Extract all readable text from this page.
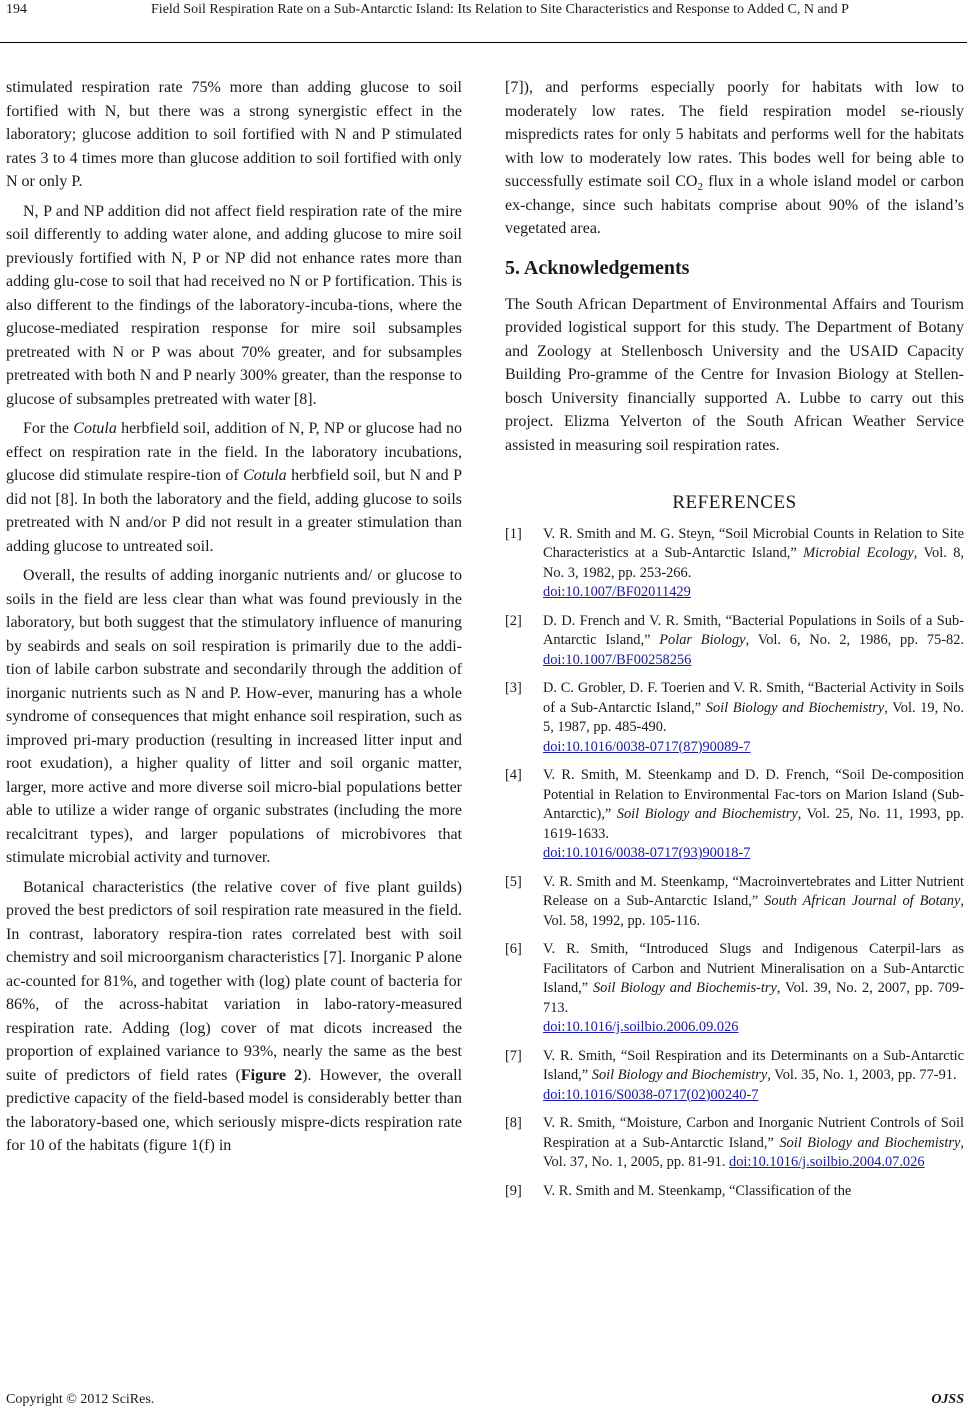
194	Field Soil Respiration Rate on a Sub-Antarctic Island: Its Relation to Site Characteristics and Response to Added C, N and P

stimulated respiration rate 75% more than adding glucose to soil fortified with N, but there was a strong synergistic effect in the laboratory; glucose addition to soil fortified with N and P stimulated rates 3 to 4 times more than glucose addition to soil fortified with only N or only P.

N, P and NP addition did not affect field respiration rate of the mire soil differently to adding water alone, and adding glucose to mire soil previously fortified with N, P or NP did not enhance rates more than adding glu-cose to soil that had received no N or P fortification. This is also different to the findings of the laboratory-incuba-tions, where the glucose-mediated respiration response for mire soil subsamples pretreated with N or P was about 70% greater, and for subsamples pretreated with both N and P nearly 300% greater, than the response to glucose of subsamples pretreated with water [8].

For the Cotula herbfield soil, addition of N, P, NP or glucose had no effect on respiration rate in the field. In the laboratory incubations, glucose did stimulate respire-tion of Cotula herbfield soil, but N and P did not [8]. In both the laboratory and the field, adding glucose to soils pretreated with N and/or P did not result in a greater stimulation than adding glucose to untreated soil.

Overall, the results of adding inorganic nutrients and/ or glucose to soils in the field are less clear than what was found previously in the laboratory, but both suggest that the stimulatory influence of manuring by seabirds and seals on soil respiration is primarily due to the addi-tion of labile carbon substrate and secondarily through the addition of inorganic nutrients such as N and P. How-ever, manuring has a whole syndrome of consequences that might enhance soil respiration, such as improved pri-mary production (resulting in increased litter input and root exudation), a higher quality of litter and soil organic matter, larger, more active and more diverse soil micro-bial populations better able to utilize a wider range of organic substrates (including the more recalcitrant types), and larger populations of microbivores that stimulate microbial activity and turnover.

Botanical characteristics (the relative cover of five plant guilds) proved the best predictors of soil respiration rate measured in the field. In contrast, laboratory respira-tion rates correlated best with soil chemistry and soil microorganism characteristics [7]. Inorganic P alone ac-counted for 81%, and together with (log) plate count of bacteria for 86%, of the across-habitat variation in labo-ratory-measured respiration rate. Adding (log) cover of mat dicots increased the proportion of explained variance to 93%, nearly the same as the best suite of predictors of field rates (Figure 2). However, the overall predictive capacity of the field-based model is considerably better than the laboratory-based one, which seriously mispre-dicts respiration rate for 10 of the habitats (figure 1(f) in

[7]), and performs especially poorly for habitats with low to moderately low rates. The field respiration model se-riously mispredicts rates for only 5 habitats and performs well for the habitats with low to moderately low rates. This bodes well for being able to successfully estimate soil $CO_2$ flux in a whole island model or carbon ex-change, since such habitats comprise about 90% of the island’s vegetated area.

5. Acknowledgements

The South African Department of Environmental Affairs and Tourism provided logistical support for this study. The Department of Botany and Zoology at Stellenbosch University and the USAID Capacity Building Pro-gramme of the Centre for Invasion Biology at Stellen-bosch University financially supported A. Lubbe to carry out this project. Elizma Yelverton of the South African Weather Service assisted in measuring soil respiration rates.

REFERENCES

[1]	V. R. Smith and M. G. Steyn, “Soil Microbial Counts in Relation to Site Characteristics at a Sub-Antarctic Island,” Microbial Ecology, Vol. 8, No. 3, 1982, pp. 253-266.
doi:10.1007/BF02011429
[2]	D. D. French and V. R. Smith, “Bacterial Populations in Soils of a Sub-Antarctic Island,” Polar Biology, Vol. 6, No. 2, 1986, pp. 75-82. doi:10.1007/BF00258256
[3]	D. C. Grobler, D. F. Toerien and V. R. Smith, “Bacterial Activity in Soils of a Sub-Antarctic Island,” Soil Biology and Biochemistry, Vol. 19, No. 5, 1987, pp. 485-490.
doi:10.1016/0038-0717(87)90089-7
[4]	V. R. Smith, M. Steenkamp and D. D. French, “Soil De-composition Potential in Relation to Environmental Fac-tors on Marion Island (Sub-Antarctic),” Soil Biology and Biochemistry, Vol. 25, No. 11, 1993, pp. 1619-1633.
doi:10.1016/0038-0717(93)90018-7
[5]	V. R. Smith and M. Steenkamp, “Macroinvertebrates and Litter Nutrient Release on a Sub-Antarctic Island,” South African Journal of Botany, Vol. 58, 1992, pp. 105-116.
[6]	V. R. Smith, “Introduced Slugs and Indigenous Caterpil-lars as Facilitators of Carbon and Nutrient Mineralisation on a Sub-Antarctic Island,” Soil Biology and Biochemis-try, Vol. 39, No. 2, 2007, pp. 709-713.
doi:10.1016/j.soilbio.2006.09.026
[7]	V. R. Smith, “Soil Respiration and its Determinants on a Sub-Antarctic Island,” Soil Biology and Biochemistry, Vol. 35, No. 1, 2003, pp. 77-91.
doi:10.1016/S0038-0717(02)00240-7
[8]	V. R. Smith, “Moisture, Carbon and Inorganic Nutrient Controls of Soil Respiration at a Sub-Antarctic Island,” Soil Biology and Biochemistry, Vol. 37, No. 1, 2005, pp. 81-91. doi:10.1016/j.soilbio.2004.07.026
[9]	V. R. Smith and M. Steenkamp, “Classification of the
Copyright © 2012 SciRes.	OJSS
